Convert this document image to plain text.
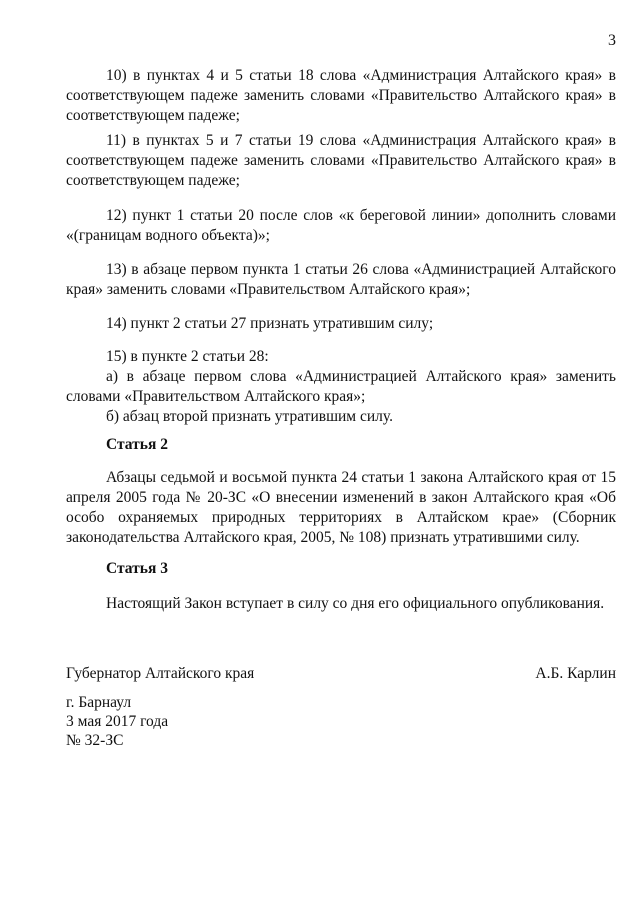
3

10) в пунктах 4 и 5 статьи 18 слова «Администрация Алтайского края» в соответствующем падеже заменить словами «Правительство Алтайского края» в соответствующем падеже;

11) в пунктах 5 и 7 статьи 19 слова «Администрация Алтайского края» в соответствующем падеже заменить словами «Правительство Алтайского края» в соответствующем падеже;

12) пункт 1 статьи 20 после слов «к береговой линии» дополнить словами «(границам водного объекта)»;

13) в абзаце первом пункта 1 статьи 26 слова «Администрацией Алтайского края» заменить словами «Правительством Алтайского края»;

14) пункт 2 статьи 27 признать утратившим силу;

15) в пункте 2 статьи 28:

а) в абзаце первом слова «Администрацией Алтайского края» заменить словами «Правительством Алтайского края»;

б) абзац второй признать утратившим силу.

Статья 2

Абзацы седьмой и восьмой пункта 24 статьи 1 закона Алтайского края от 15 апреля 2005 года № 20-ЗС «О внесении изменений в закон Алтайского края «Об особо охраняемых природных территориях в Алтайском крае» (Сборник законодательства Алтайского края, 2005, № 108) признать утратившими силу.

Статья 3

Настоящий Закон вступает в силу со дня его официального опубликования.

Губернатор Алтайского края	А.Б. Карлин
г. Барнаул
3 мая 2017 года
№ 32-ЗС
